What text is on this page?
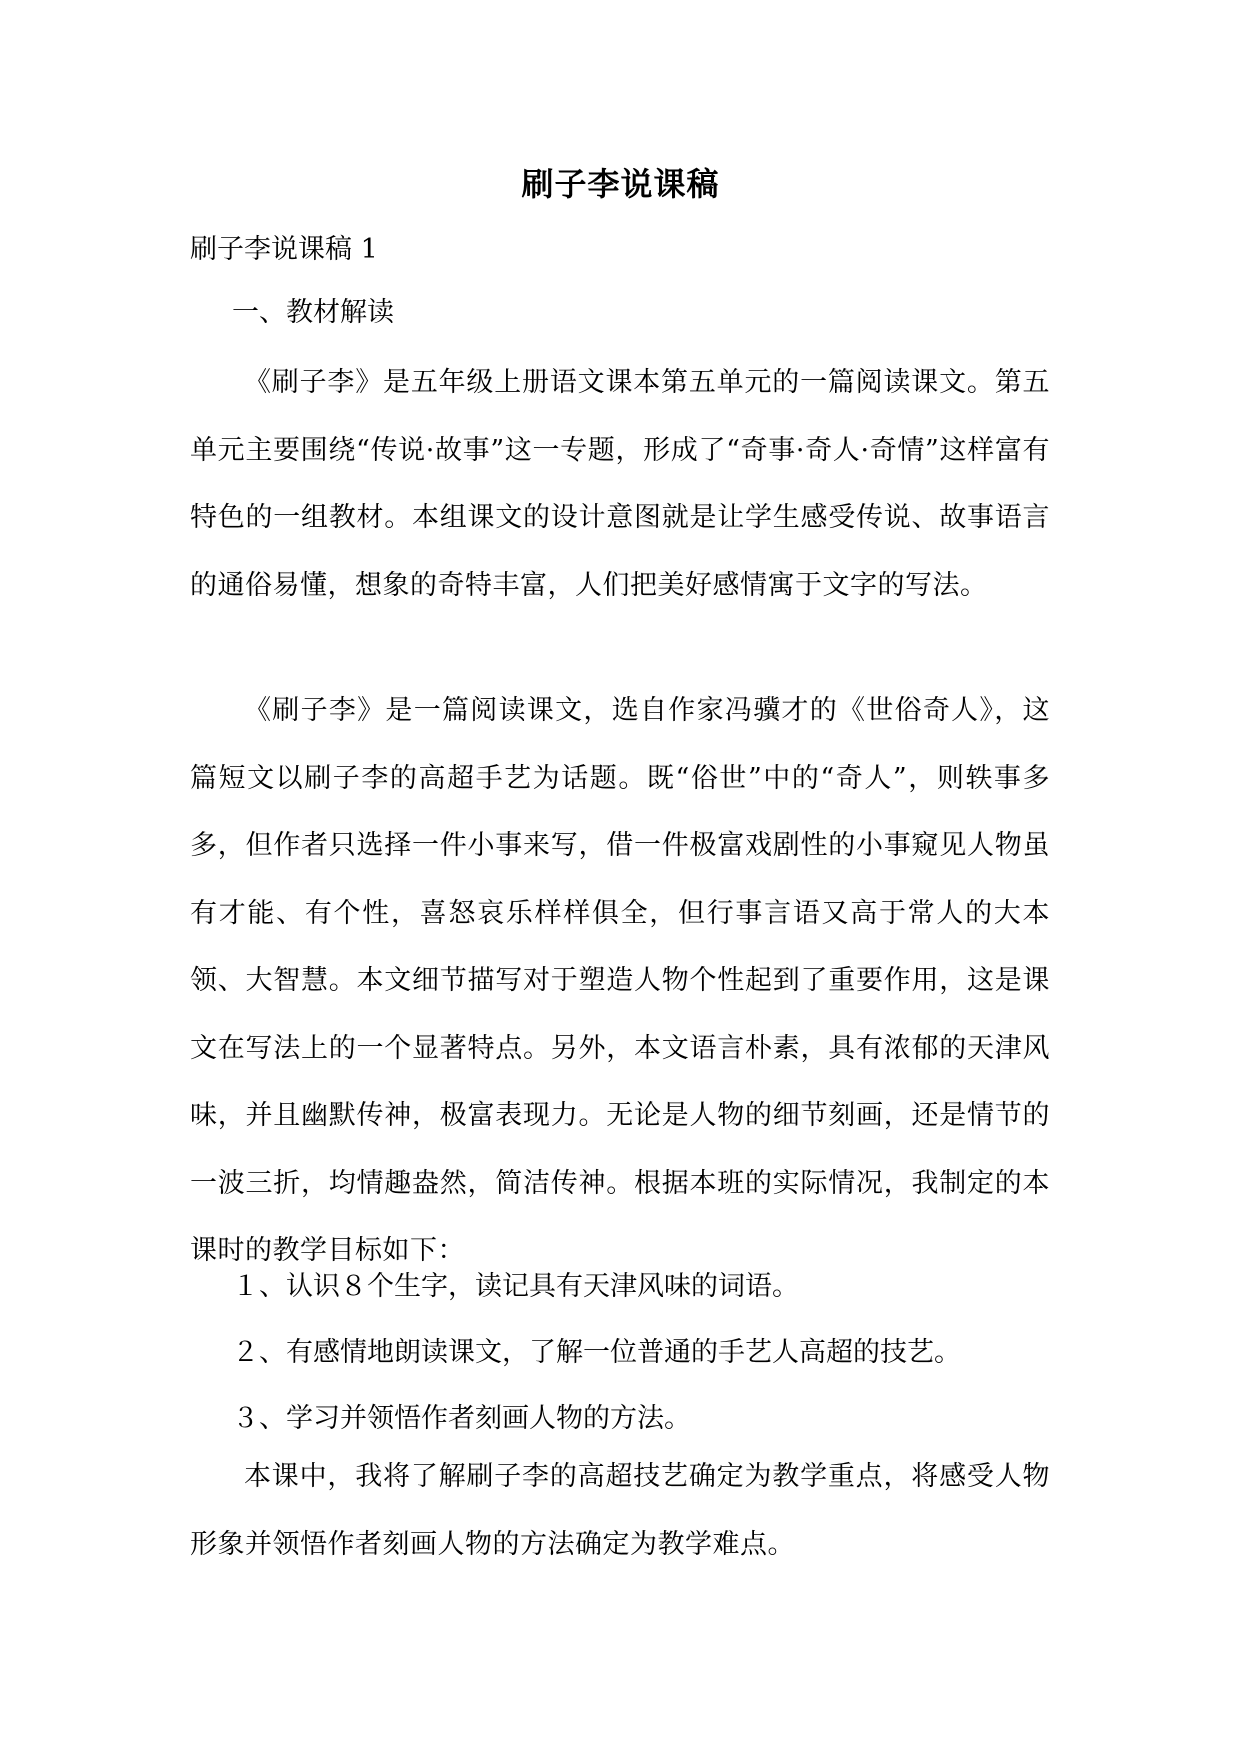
刷子李说课稿
刷子李说课稿 1
一、教材解读

《刷子李》是五年级上册语文课本第五单元的一篇阅读课文。第五单元主要围绕“传说·故事”这一专题，形成了“奇事·奇人·奇情”这样富有特色的一组教材。本组课文的设计意图就是让学生感受传说、故事语言的通俗易懂，想象的奇特丰富，人们把美好感情寓于文字的写法。

《刷子李》是一篇阅读课文，选自作家冯骥才的《世俗奇人》，这篇短文以刷子李的高超手艺为话题。既“俗世”中的“奇人”，则轶事多多，但作者只选择一件小事来写，借一件极富戏剧性的小事窥见人物虽有才能、有个性，喜怒哀乐样样俱全，但行事言语又高于常人的大本领、大智慧。本文细节描写对于塑造人物个性起到了重要作用，这是课文在写法上的一个显著特点。另外，本文语言朴素，具有浓郁的天津风味，并且幽默传神，极富表现力。无论是人物的细节刻画，还是情节的一波三折，均情趣盎然，简洁传神。根据本班的实际情况，我制定的本课时的教学目标如下：

１、认识８个生字，读记具有天津风味的词语。
２、有感情地朗读课文，了解一位普通的手艺人高超的技艺。
３、学习并领悟作者刻画人物的方法。

本课中，我将了解刷子李的高超技艺确定为教学重点，将感受人物形象并领悟作者刻画人物的方法确定为教学难点。
